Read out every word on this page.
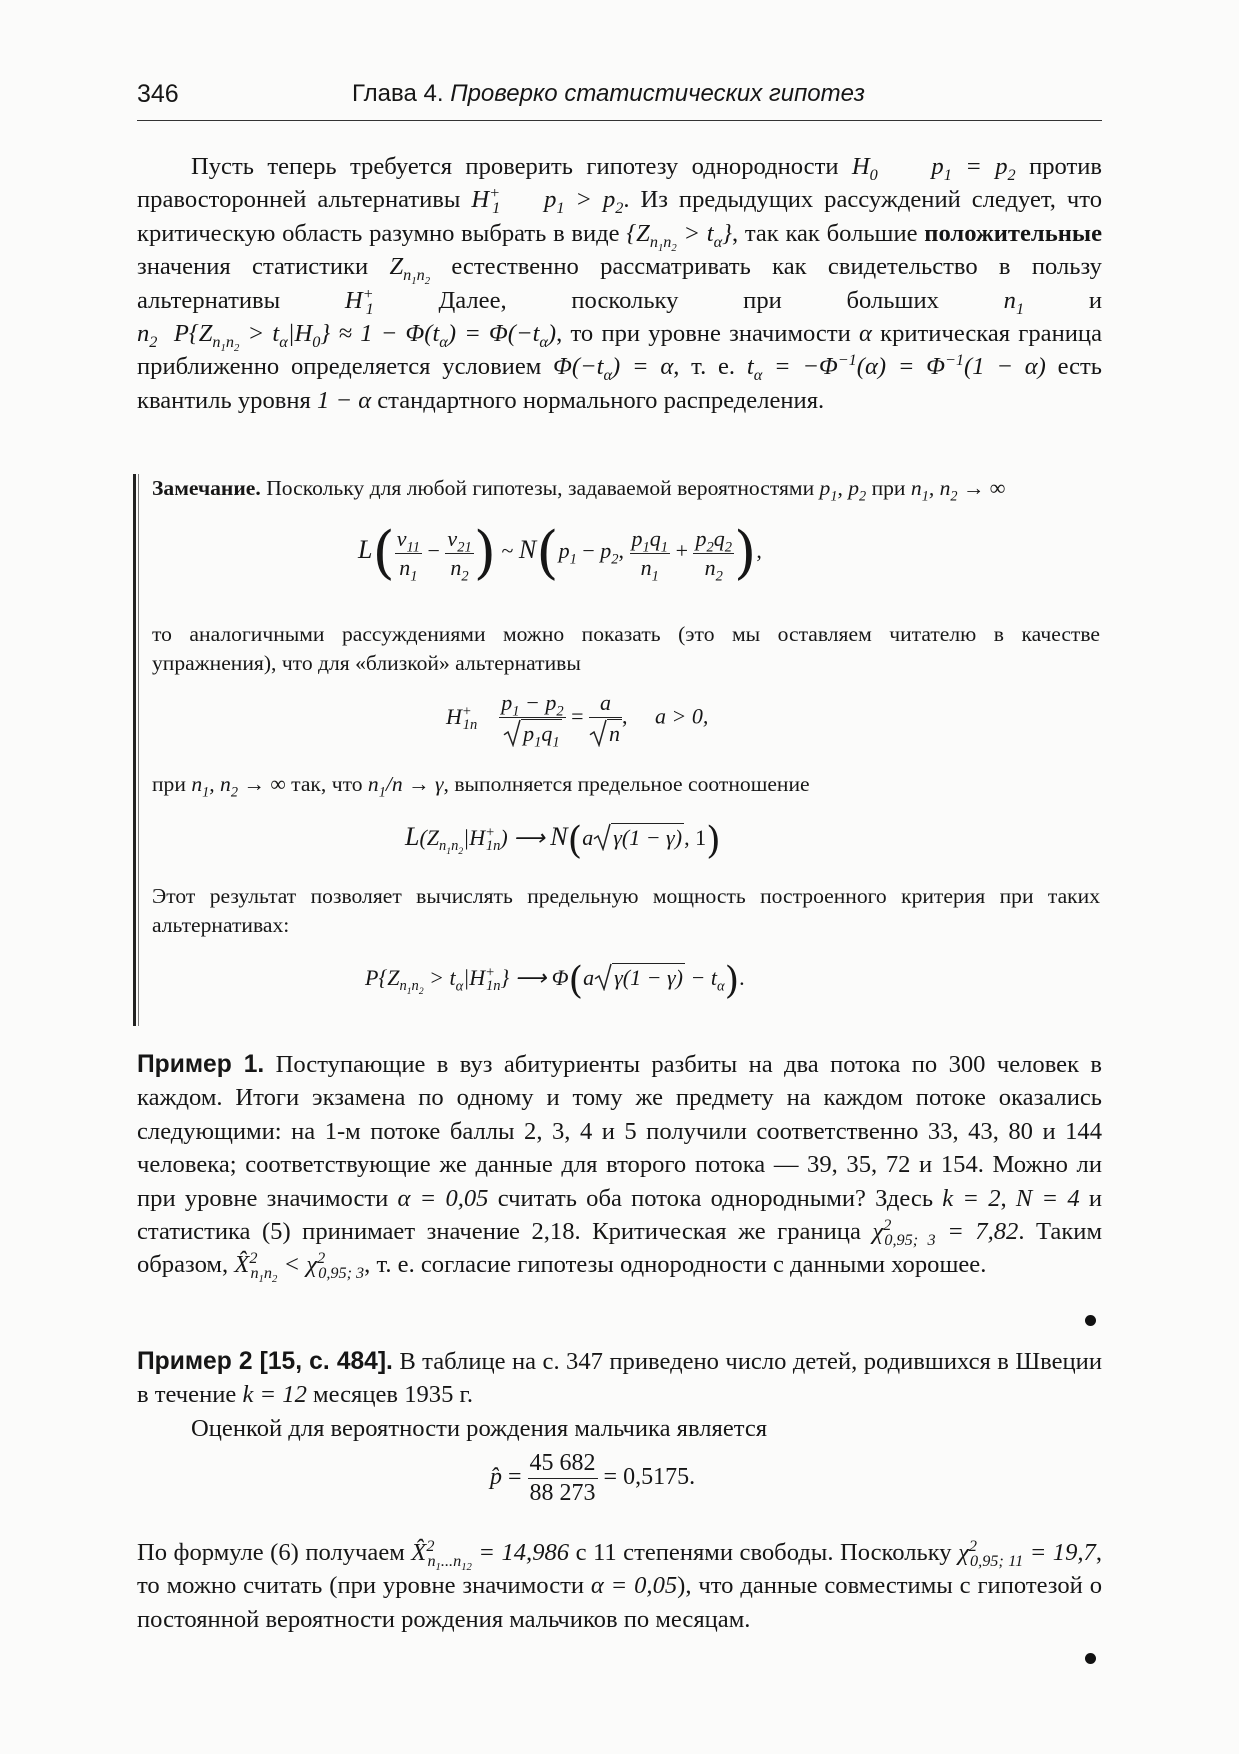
346	Глава 4. Проверко статистических гипотез
Пусть теперь требуется проверить гипотезу однородности $H_0$ $p_1 = p_2$ против правосторонней альтернативы $H^+_1$ $p_1 > p_2$. Из предыдущих рассуждений следует, что критическую область разумно выбрать в виде $\{Z_{n_1n_2} > t_\alpha\}$, так как большие положительные значения статистики $Z_{n_1n_2}$ естественно рассматривать как свидетельство в пользу альтернативы $H^+_1$ Далее, поскольку при больших $n_1$ и $n_2$ $P\{Z_{n_1n_2} > t_\alpha|H_0\} \approx 1 - \Phi(t_\alpha) = \Phi(-t_\alpha)$, то при уровне значимости α критическая граница приближенно определяется условием $\Phi(-t_\alpha) = \alpha$, т. е. $t_\alpha = -\Phi^{-1}(\alpha) = \Phi^{-1}(1 - \alpha)$ есть квантиль уровня 1 − α стандартного нормального распределения.
Замечание. Поскольку для любой гипотезы, задаваемой вероятностями $p_1$, $p_2$ при $n_1$, $n_2$ → ∞
то аналогичными рассуждениями можно показать (это мы оставляем читателю в качестве упражнения), что для «близкой» альтернативы
при $n_1$, $n_2$ → ∞ так, что $n_1/n \to \gamma$, выполняется предельное соотношение
Этот результат позволяет вычислять предельную мощность построенного критерия при таких альтернативах:
$L( \frac{\nu_{11}}{n_1} - \frac{\nu_{21}}{n_2}$ ) ~ $N(p_1 - p_2$, $\frac{p_1q_1}{n_1} + \frac{p_2q_2}{n_2}$ ),
$H^+_{1n} \frac{p_1 - p_2}{p_1q_1} = \frac{a}{n}$ , a > 0,
$L(Z_{n_1n_2}|H^+_{1n})$ ⟶ N(a γ(1 − γ), 1)
$P\{Z_{n_1n_2} > t_\alpha|H^+_{1n}\}$ ⟶ Φ(a $\gamma(1 - \gamma) - t_\alpha$).
Пример 1. Поступающие в вуз абитуриенты разбиты на два потока по 300 человек в каждом. Итоги экзамена по одному и тому же предмету на каждом потоке оказались следующими: на 1-м потоке баллы 2, 3, 4 и 5 получили соответственно 33, 43, 80 и 144 человека; соответствующие же данные для второго потока — 39, 35, 72 и 154. Можно ли при уровне значимости α = 0,05 считать оба потока однородными? Здесь k = 2, N = 4 и статистика (5) принимает значение 2,18. Критическая же граница $\chi^2_{0,95; 3} = 7,82$. Таким образом, X̂$^2_{n_1n_2}$ < $\chi^2_{0,95; 3}$, т. е. согласие гипотезы однородности с данными хорошее.
Пример 2 [15, с. 484]. В таблице на с. 347 приведено число детей, родившихся в Швеции в течение k = 12 месяцев 1935 г.
Оценкой для вероятности рождения мальчика является
p̂ = $\frac{45 682}{88 273} = 0,5175$.
По формуле (6) получаем X̂$^2_{n_1...n_{12}}$ = 14,986 с 11 степенями свободы. Поскольку $\chi^2_{0,95; 11} = 19,7$, то можно считать (при уровне значимости α = 0,05), что данные совместимы с гипотезой о постоянной вероятности рождения мальчиков по месяцам.
